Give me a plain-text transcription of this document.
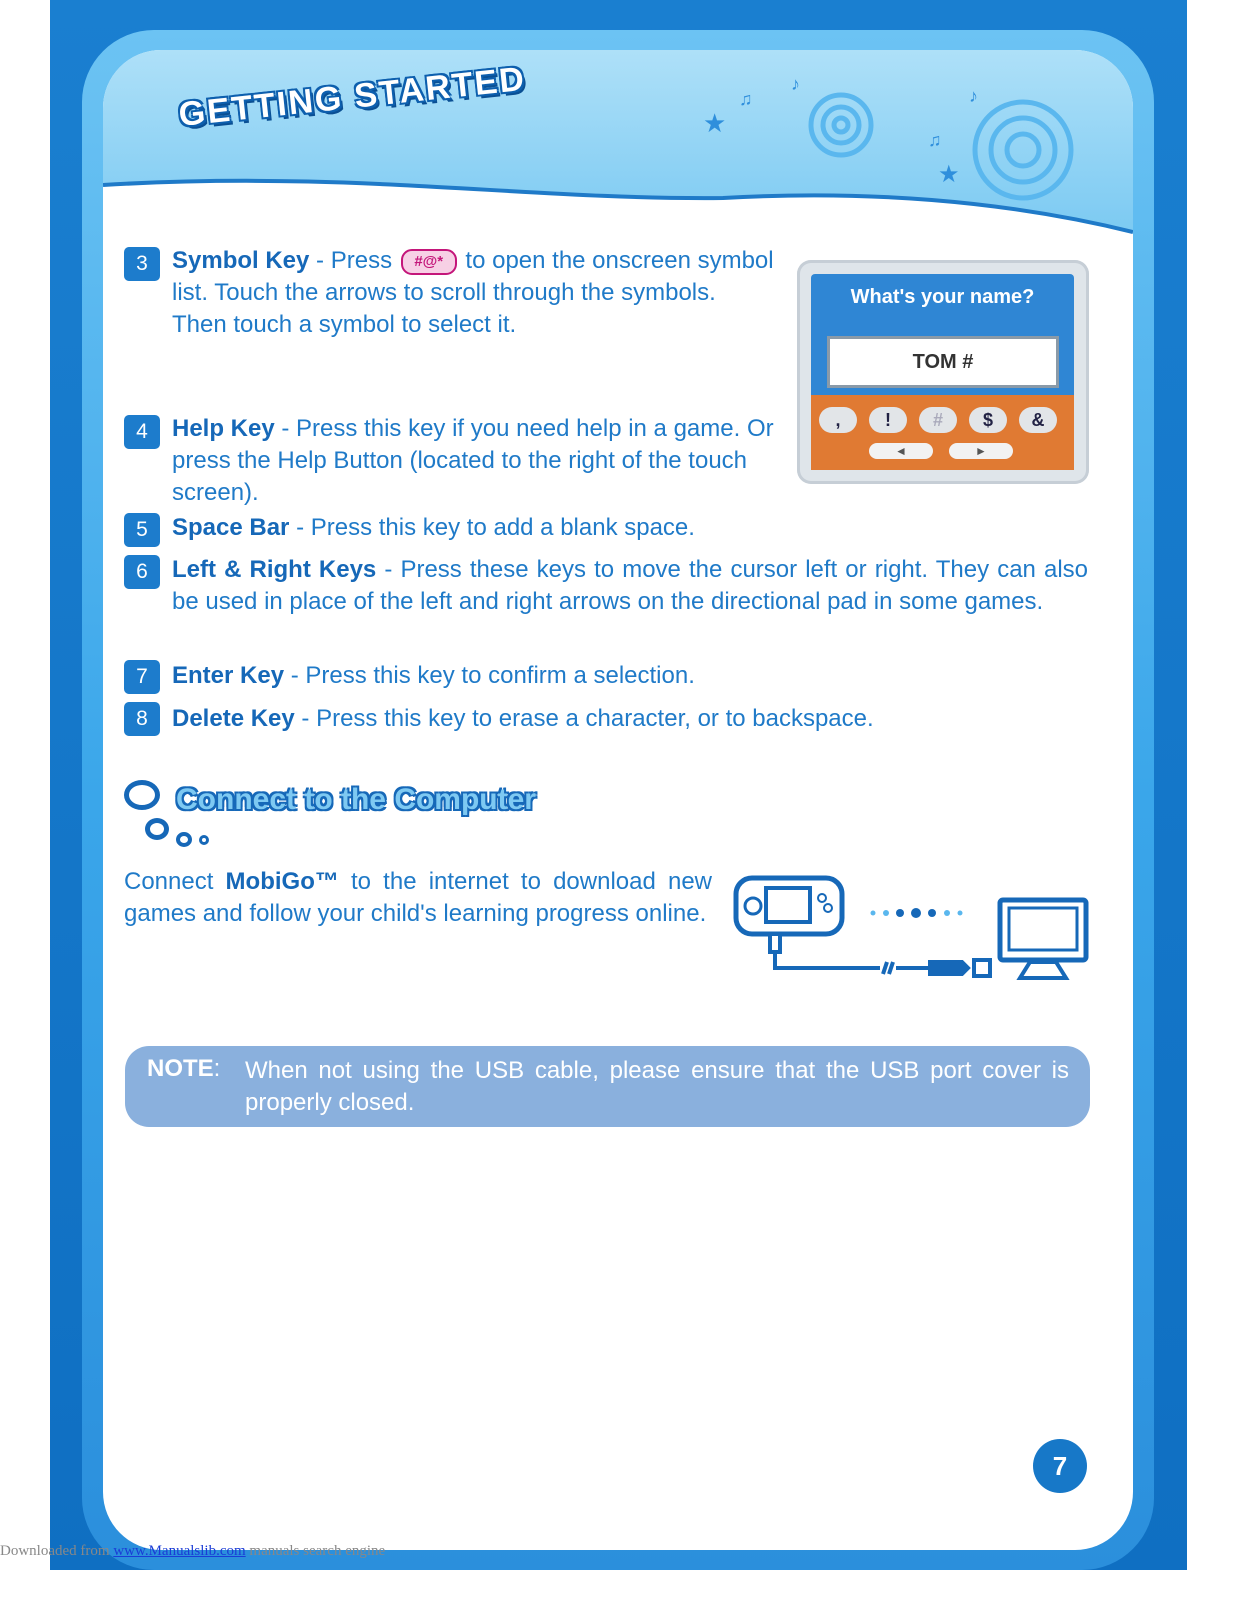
★
★
♫
♪
♫
♪
GETTING STARTED
3	Symbol Key - Press #@* to open the onscreen symbol list. Touch the arrows to scroll through the symbols. Then touch a symbol to select it.
4	Help Key - Press this key if you need help in a game. Or press the Help Button (located to the right of the touch screen).
5	Space Bar - Press this key to add a blank space.
6	Left & Right Keys - Press these keys to move the cursor left or right. They can also be used in place of the left and right arrows on the directional pad in some games.
7	Enter Key - Press this key to confirm a selection.
8	Delete Key - Press this key to erase a character, or to backspace.
What's your name?
TOM #
,	!	#	$	&
◄	►
Connect to the Computer
Connect MobiGo™ to the internet to download new games and follow your child's learning progress online.
NOTE: When not using the USB cable, please ensure that the USB port cover is properly closed.
7
Downloaded from www.Manualslib.com manuals search engine
